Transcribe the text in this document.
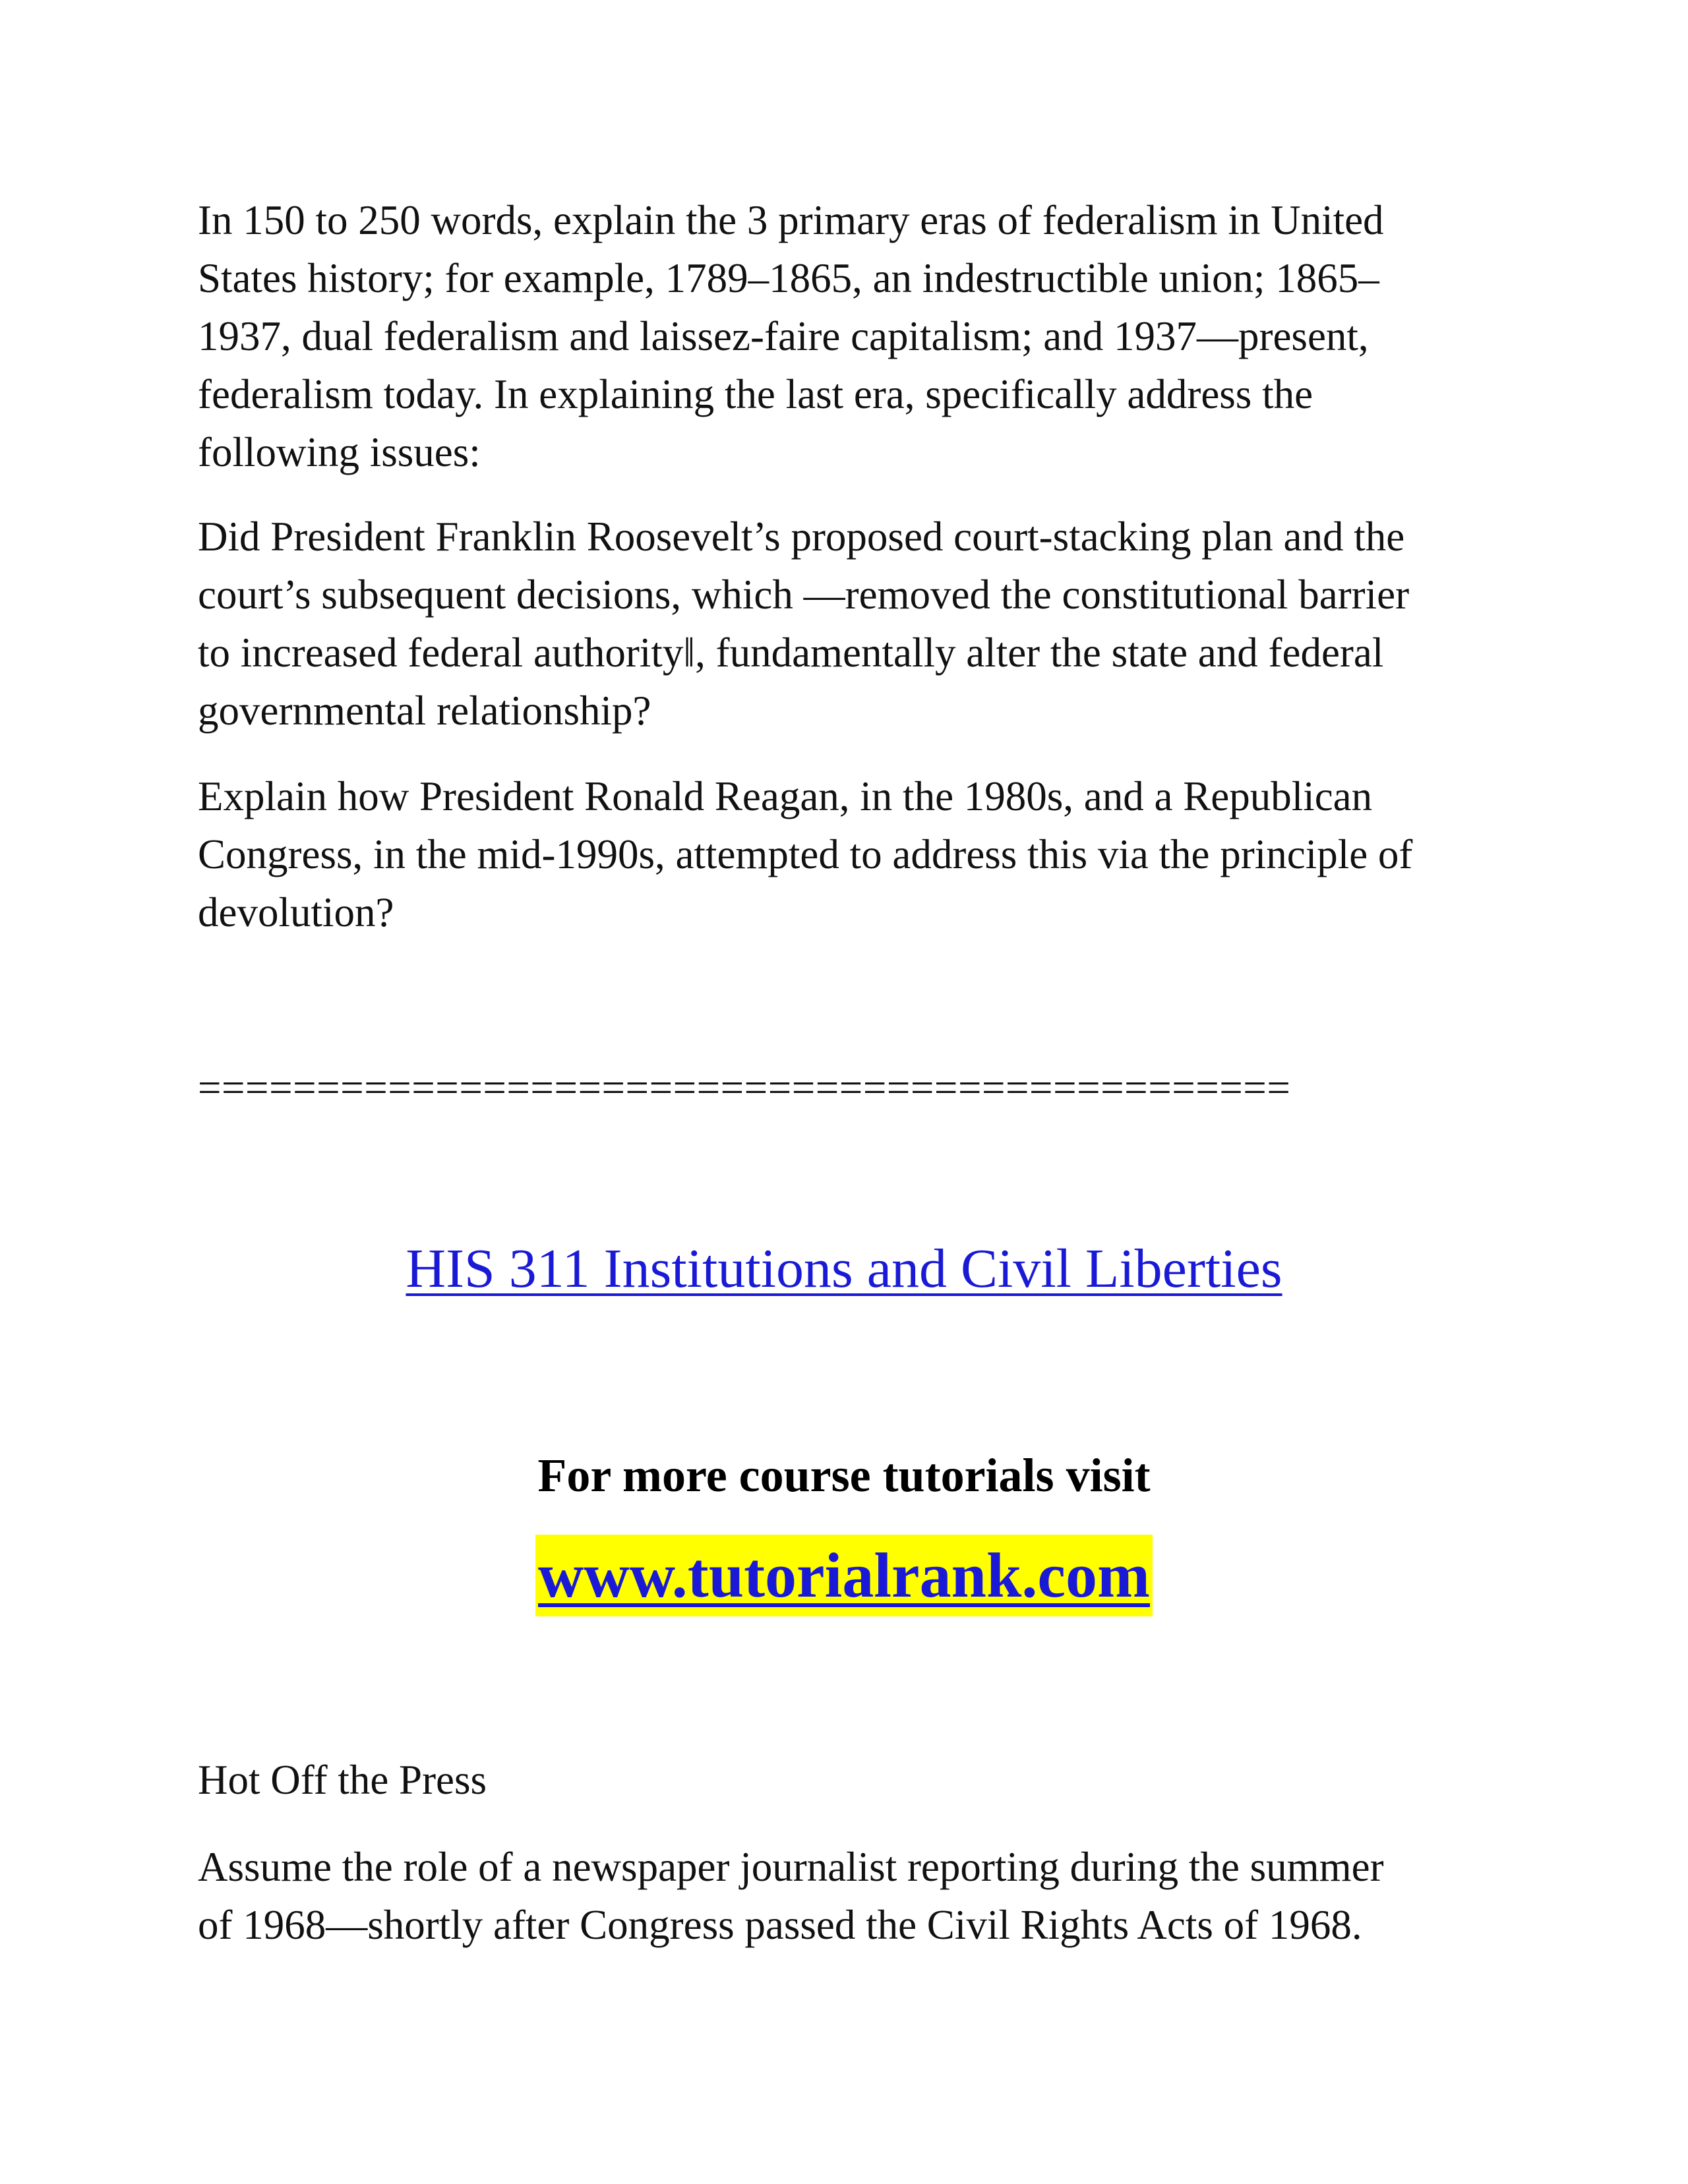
In 150 to 250 words, explain the 3 primary eras of federalism in United
States history; for example, 1789–1865, an indestructible union; 1865–
1937, dual federalism and laissez-faire capitalism; and 1937—present,
federalism today. In explaining the last era, specifically address the
following issues:

Did President Franklin Roosevelt’s proposed court-stacking plan and the
court’s subsequent decisions, which ―removed the constitutional barrier
to increased federal authority‖, fundamentally alter the state and federal
governmental relationship?

Explain how President Ronald Reagan, in the 1980s, and a Republican
Congress, in the mid-1990s, attempted to address this via the principle of
devolution?

==============================================

HIS 311 Institutions and Civil Liberties

For more course tutorials visit

www.tutorialrank.com

Hot Off the Press

Assume the role of a newspaper journalist reporting during the summer
of 1968—shortly after Congress passed the Civil Rights Acts of 1968.
